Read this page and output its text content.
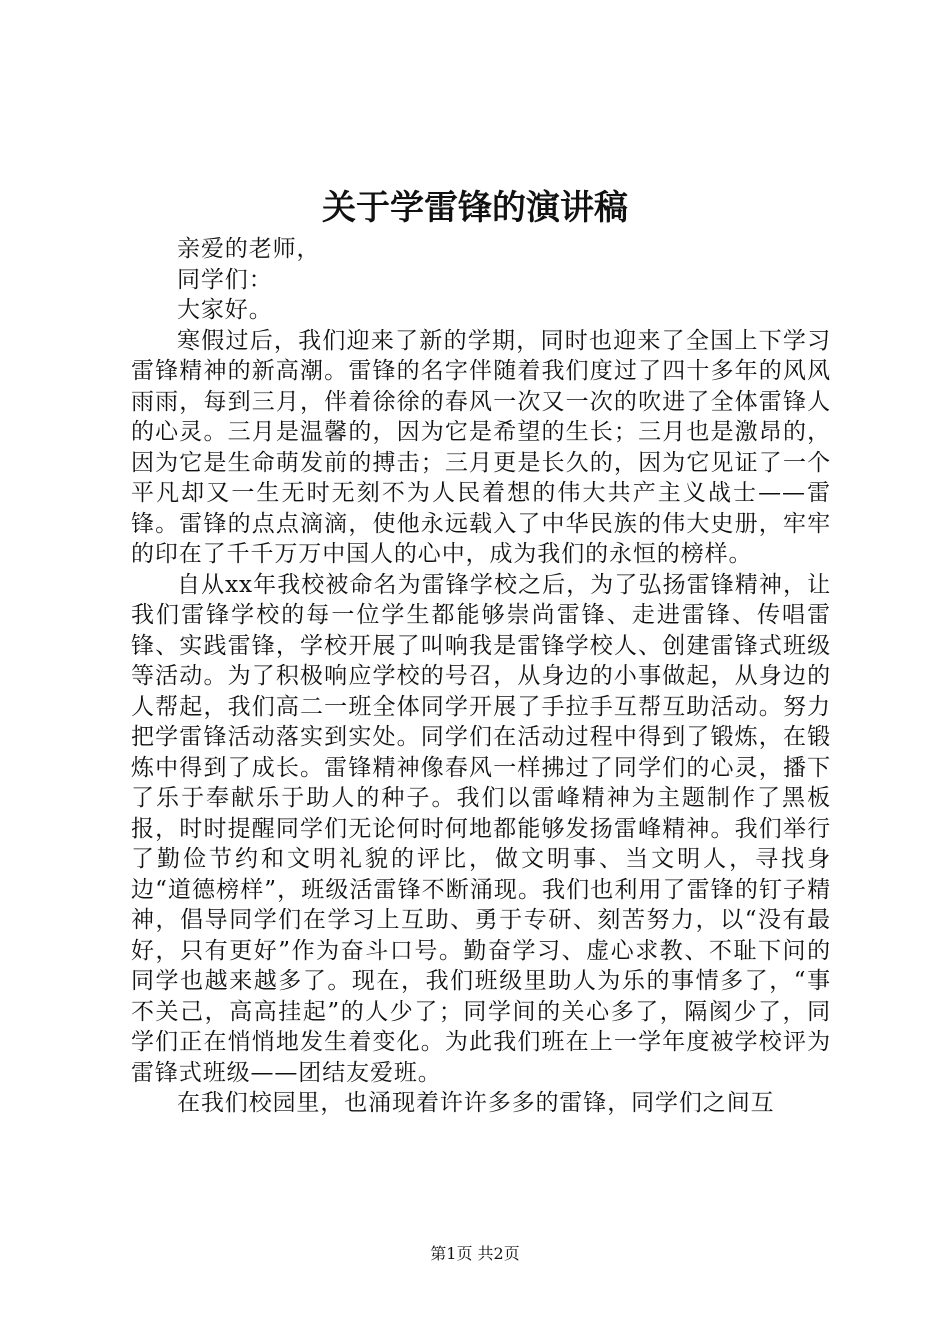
关于学雷锋的演讲稿

亲爱的老师，

同学们：

大家好。

寒假过后，我们迎来了新的学期，同时也迎来了全国上下学习雷锋精神的新高潮。雷锋的名字伴随着我们度过了四十多年的风风雨雨，每到三月，伴着徐徐的春风一次又一次的吹进了全体雷锋人的心灵。三月是温馨的，因为它是希望的生长；三月也是激昂的，因为它是生命萌发前的搏击；三月更是长久的，因为它见证了一个平凡却又一生无时无刻不为人民着想的伟大共产主义战士——雷锋。雷锋的点点滴滴，使他永远载入了中华民族的伟大史册，牢牢的印在了千千万万中国人的心中，成为我们的永恒的榜样。

自从xx年我校被命名为雷锋学校之后，为了弘扬雷锋精神，让我们雷锋学校的每一位学生都能够崇尚雷锋、走进雷锋、传唱雷锋、实践雷锋，学校开展了叫响我是雷锋学校人、创建雷锋式班级等活动。为了积极响应学校的号召，从身边的小事做起，从身边的人帮起，我们高二一班全体同学开展了手拉手互帮互助活动。努力把学雷锋活动落实到实处。同学们在活动过程中得到了锻炼，在锻炼中得到了成长。雷锋精神像春风一样拂过了同学们的心灵，播下了乐于奉献乐于助人的种子。我们以雷峰精神为主题制作了黑板报，时时提醒同学们无论何时何地都能够发扬雷峰精神。我们举行了勤俭节约和文明礼貌的评比，做文明事、当文明人，寻找身边“道德榜样”，班级活雷锋不断涌现。我们也利用了雷锋的钉子精神，倡导同学们在学习上互助、勇于专研、刻苦努力，以“没有最好，只有更好”作为奋斗口号。勤奋学习、虚心求教、不耻下问的同学也越来越多了。现在，我们班级里助人为乐的事情多了，“事不关己，高高挂起”的人少了；同学间的关心多了，隔阂少了，同学们正在悄悄地发生着变化。为此我们班在上一学年度被学校评为雷锋式班级——团结友爱班。

在我们校园里，也涌现着许许多多的雷锋，同学们之间互

第1页 共2页
